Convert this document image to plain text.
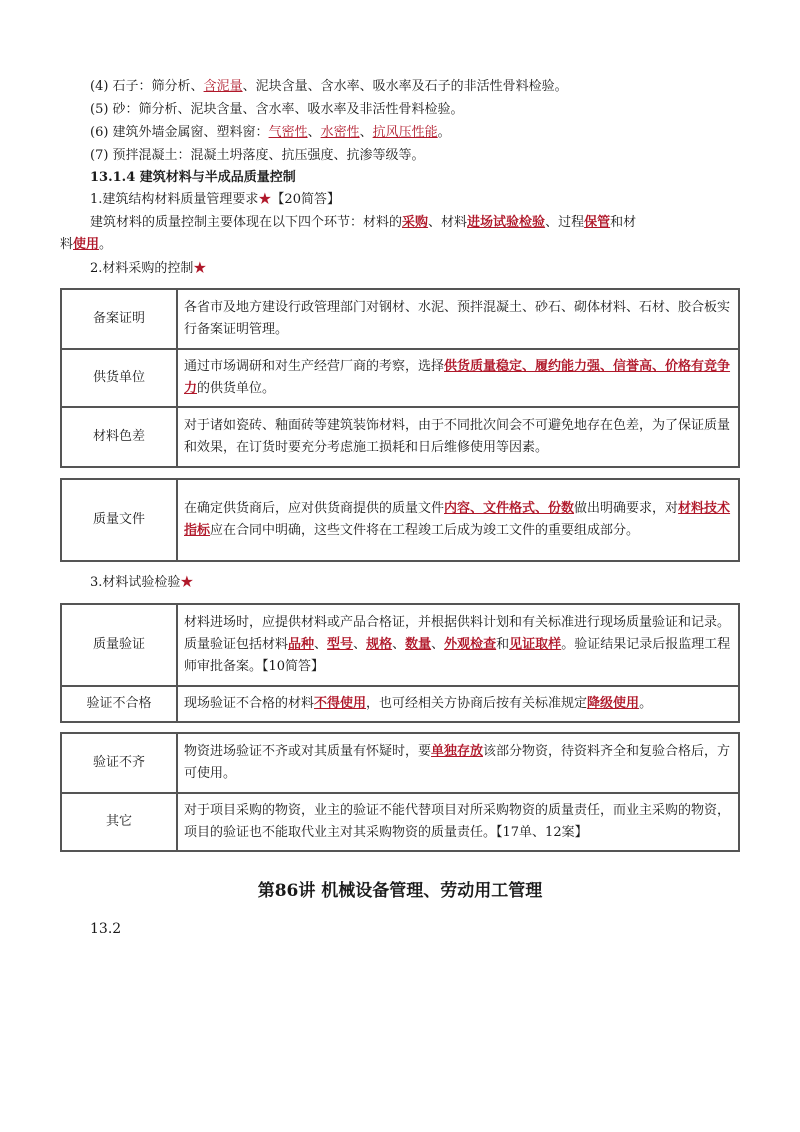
(4) 石子：筛分析、含泥量、泥块含量、含水率、吸水率及石子的非活性骨料检验。
(5) 砂：筛分析、泥块含量、含水率、吸水率及非活性骨料检验。
(6) 建筑外墙金属窗、塑料窗：气密性、水密性、抗风压性能。
(7) 预拌混凝土：混凝土坍落度、抗压强度、抗渗等级等。
13.1.4 建筑材料与半成品质量控制
1.建筑结构材料质量管理要求★【20简答】
建筑材料的质量控制主要体现在以下四个环节：材料的采购、材料进场试验检验、过程保管和材
料使用。
2.材料采购的控制★
备案证明	各省市及地方建设行政管理部门对钢材、水泥、预拌混凝土、砂石、砌体材料、石材、胶合板实行备案证明管理。
供货单位	通过市场调研和对生产经营厂商的考察，选择供货质量稳定、履约能力强、信誉高、价格有竞争力的供货单位。
材料色差	对于诸如瓷砖、釉面砖等建筑装饰材料，由于不同批次间会不可避免地存在色差，为了保证质量和效果，在订货时要充分考虑施工损耗和日后维修使用等因素。
质量文件	在确定供货商后，应对供货商提供的质量文件内容、文件格式、份数做出明确要求，对材料技术指标应在合同中明确，这些文件将在工程竣工后成为竣工文件的重要组成部分。
3.材料试验检验★
质量验证	材料进场时，应提供材料或产品合格证，并根据供料计划和有关标准进行现场质量验证和记录。质量验证包括材料品种、型号、规格、数量、外观检查和见证取样。验证结果记录后报监理工程师审批备案。【10简答】
验证不合格	现场验证不合格的材料不得使用，也可经相关方协商后按有关标准规定降级使用。
验证不齐	物资进场验证不齐或对其质量有怀疑时，要单独存放该部分物资，待资料齐全和复验合格后，方可使用。
其它	对于项目采购的物资，业主的验证不能代替项目对所采购物资的质量责任，而业主采购的物资，项目的验证也不能取代业主对其采购物资的质量责任。【17单、12案】
第86讲 机械设备管理、劳动用工管理
13.2
